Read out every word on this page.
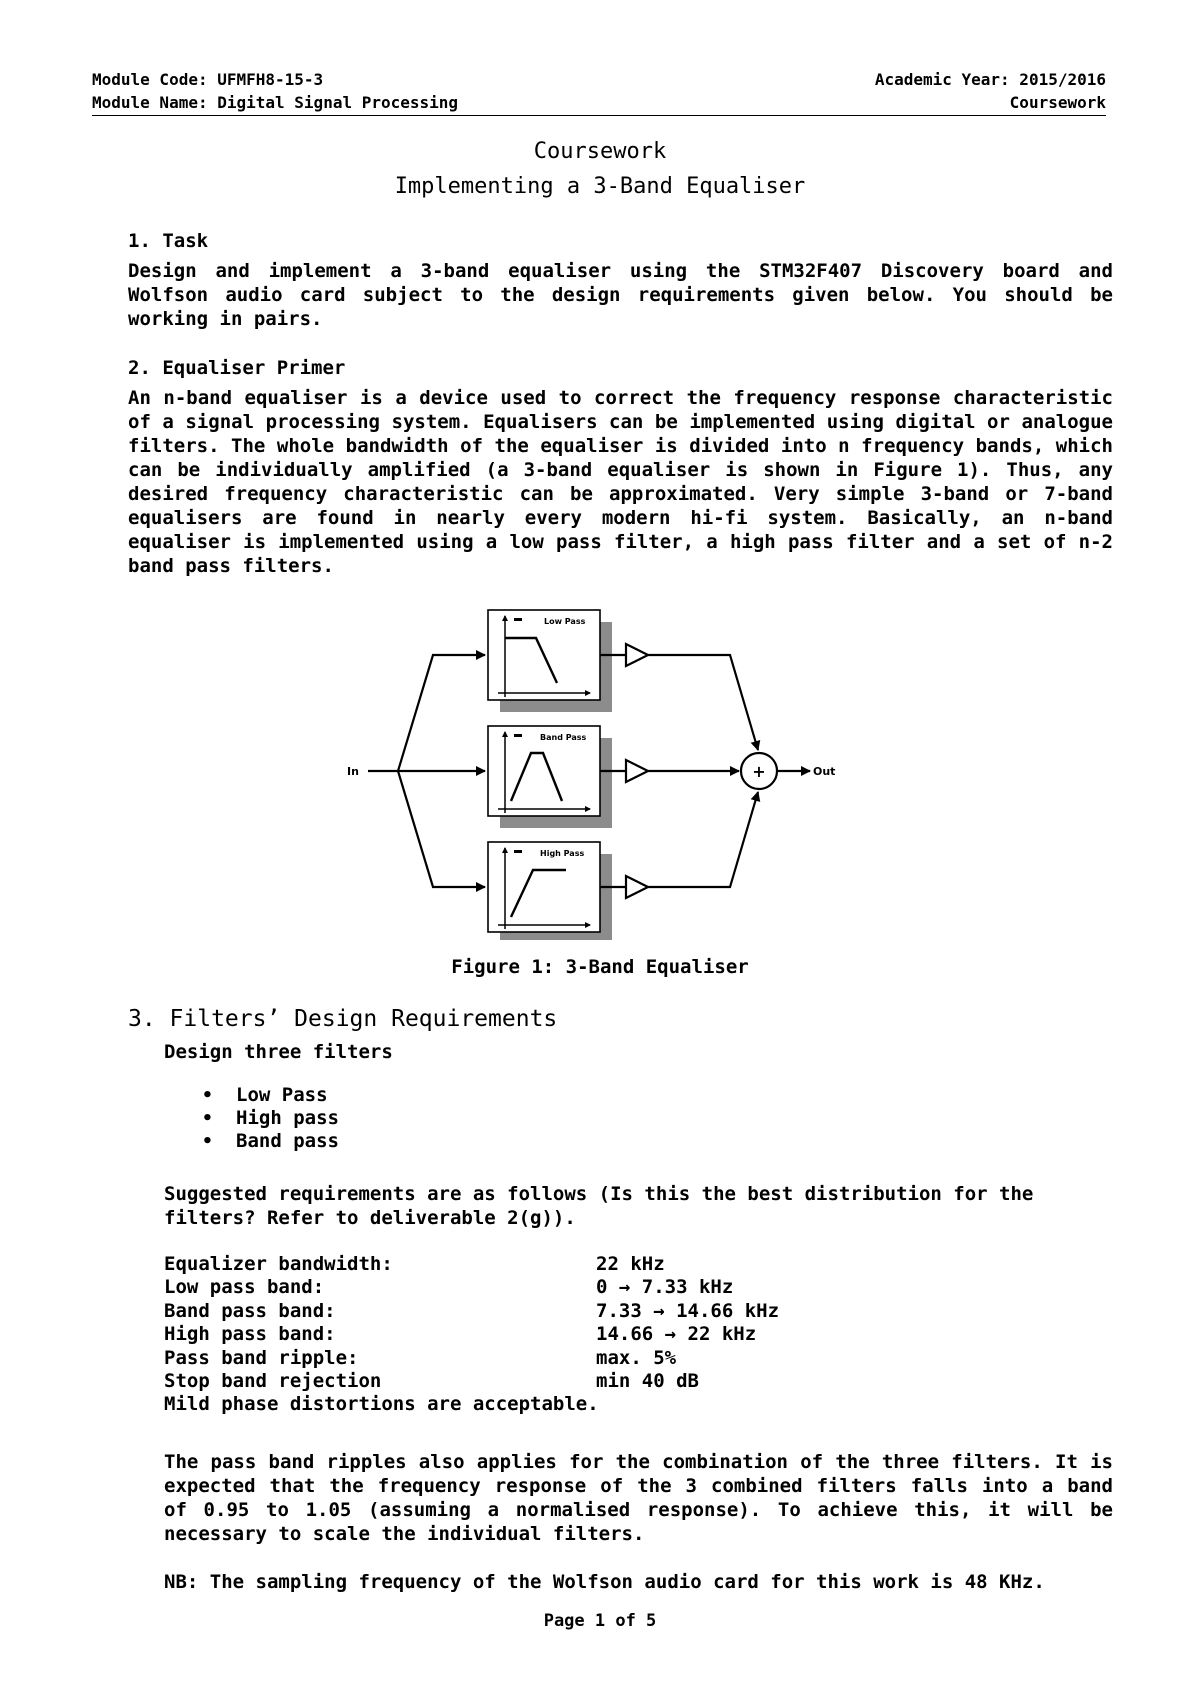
Module Code: UFMFH8-15-3	Academic Year: 2015/2016
Module Name: Digital Signal Processing	Coursework
Coursework
Implementing a 3-Band Equaliser
1. Task

Design and implement a 3-band equaliser using the STM32F407 Discovery board and Wolfson audio card subject to the design requirements given below. You should be working in pairs.

2. Equaliser Primer

An n-band equaliser is a device used to correct the frequency response characteristic of a signal processing system. Equalisers can be implemented using digital or analogue filters. The whole bandwidth of the equaliser is divided into n frequency bands, which can be individually amplified (a 3-band equaliser is shown in Figure 1). Thus, any desired frequency characteristic can be approximated. Very simple 3-band or 7-band equalisers are found in nearly every modern hi-fi system. Basically, an n-band equaliser is implemented using a low pass filter, a high pass filter and a set of n-2 band pass filters.

In
Low Pass
Band Pass
High Pass
+	Out
Figure 1: 3-Band Equaliser
3. Filters’ Design Requirements
Design three filters
• Low Pass
• High pass
• Band pass

Suggested requirements are as follows (Is this the best distribution for the filters? Refer to deliverable 2(g)).

Equalizer bandwidth:	22 kHz
Low pass band:	0 → 7.33 kHz
Band pass band:	7.33 → 14.66 kHz
High pass band:	14.66 → 22 kHz
Pass band ripple:	max. 5%
Stop band rejection	min 40 dB
Mild phase distortions are acceptable.

The pass band ripples also applies for the combination of the three filters. It is expected that the frequency response of the 3 combined filters falls into a band of 0.95 to 1.05 (assuming a normalised response). To achieve this, it will be necessary to scale the individual filters.

NB: The sampling frequency of the Wolfson audio card for this work is 48 KHz.
Page 1 of 5
